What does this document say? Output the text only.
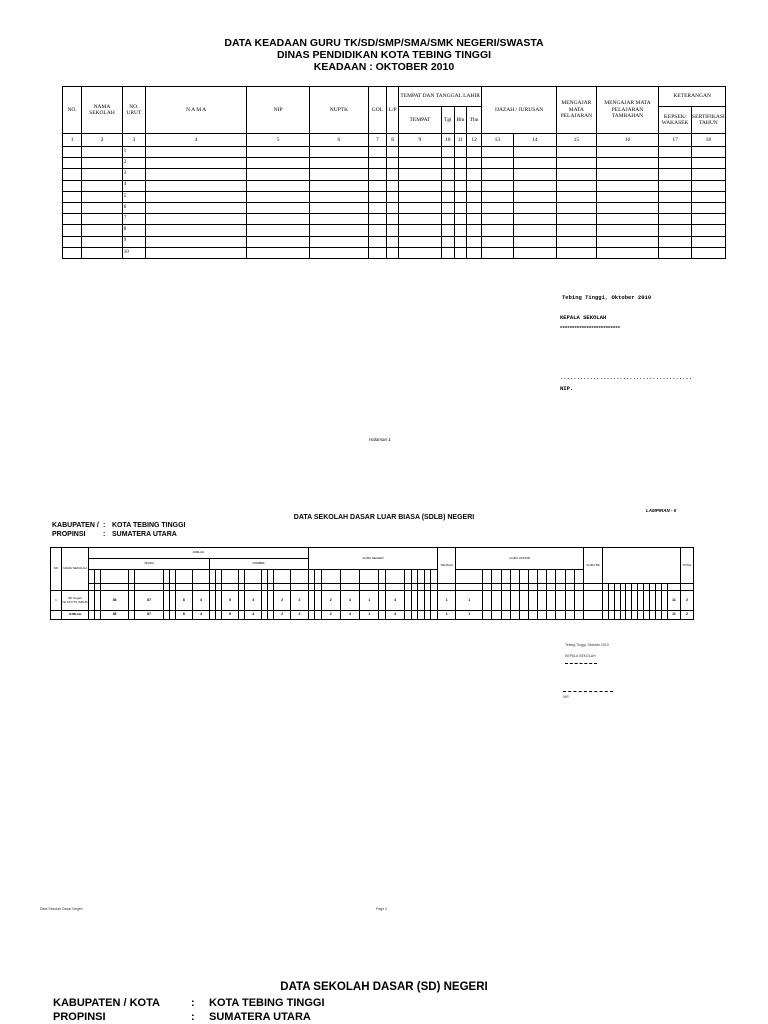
DATA KEADAAN GURU TK/SD/SMP/SMA/SMK NEGERI/SWASTA
DINAS PENDIDIKAN KOTA TEBING TINGGI
KEADAAN : OKTOBER 2010
NO.	NAMA SEKOLAH	NO. URUT	N A M A	NIP	NUPTK	GOL	L/P	TEMPAT DAN TANGGAL LAHIR				IJAZAH / JURUSAN		MENGAJAR MATA PELAJARAN	MENGAJAR MATA PELAJARAN TAMBAHAN	KETERANGAN	
								TEMPAT	Tgl	Bln	Thn					KEPSEK/ WAKASEK	SERTIFIKASI TAHUN
1	2	3	4	5	6	7	8	9	10	11	12	13	14	15	16	17	18
		1															
		2															
		3															
		4															
		5															
		6															
		7															
		8															
		9															
		10															
Tebing Tinggi, Oktober 2010
KEPALA SEKOLAH
xxxxxxxxxxxxxxxxxxxxxxxxx
........................................
NIP.
Halaman 1
LAMPIRAN - II
DATA SEKOLAH DASAR LUAR BIASA (SDLB) NEGERI
KABUPATEN / : KOTA TEBING TINGGI
PROPINSI	: SUMATERA UTARA
NO	NAMA SEKOLAH	JUMLAH																		GURU NEGERI												TENAGA	GURU HONOR												GURU BK													TOTAL
		SISWA									ROMBEL																																															

1	SD Negeri No.167770 (SDLB)			36		87			8	4			6		4			2	2			2	4	1		4						1	1																								11	2
	JUMLAH			36		87			8	4			6		4			2	2			2	4	1		4						1	1																								11	2
Tebing Tinggi, Oktober 2010
KEPALA SEKOLAH
NIP.
Data Sekolah Dasar Negeri	Page 2
DATA SEKOLAH DASAR (SD) NEGERI
KABUPATEN / KOTA	: KOTA TEBING TINGGI
PROPINSI	: SUMATERA UTARA
